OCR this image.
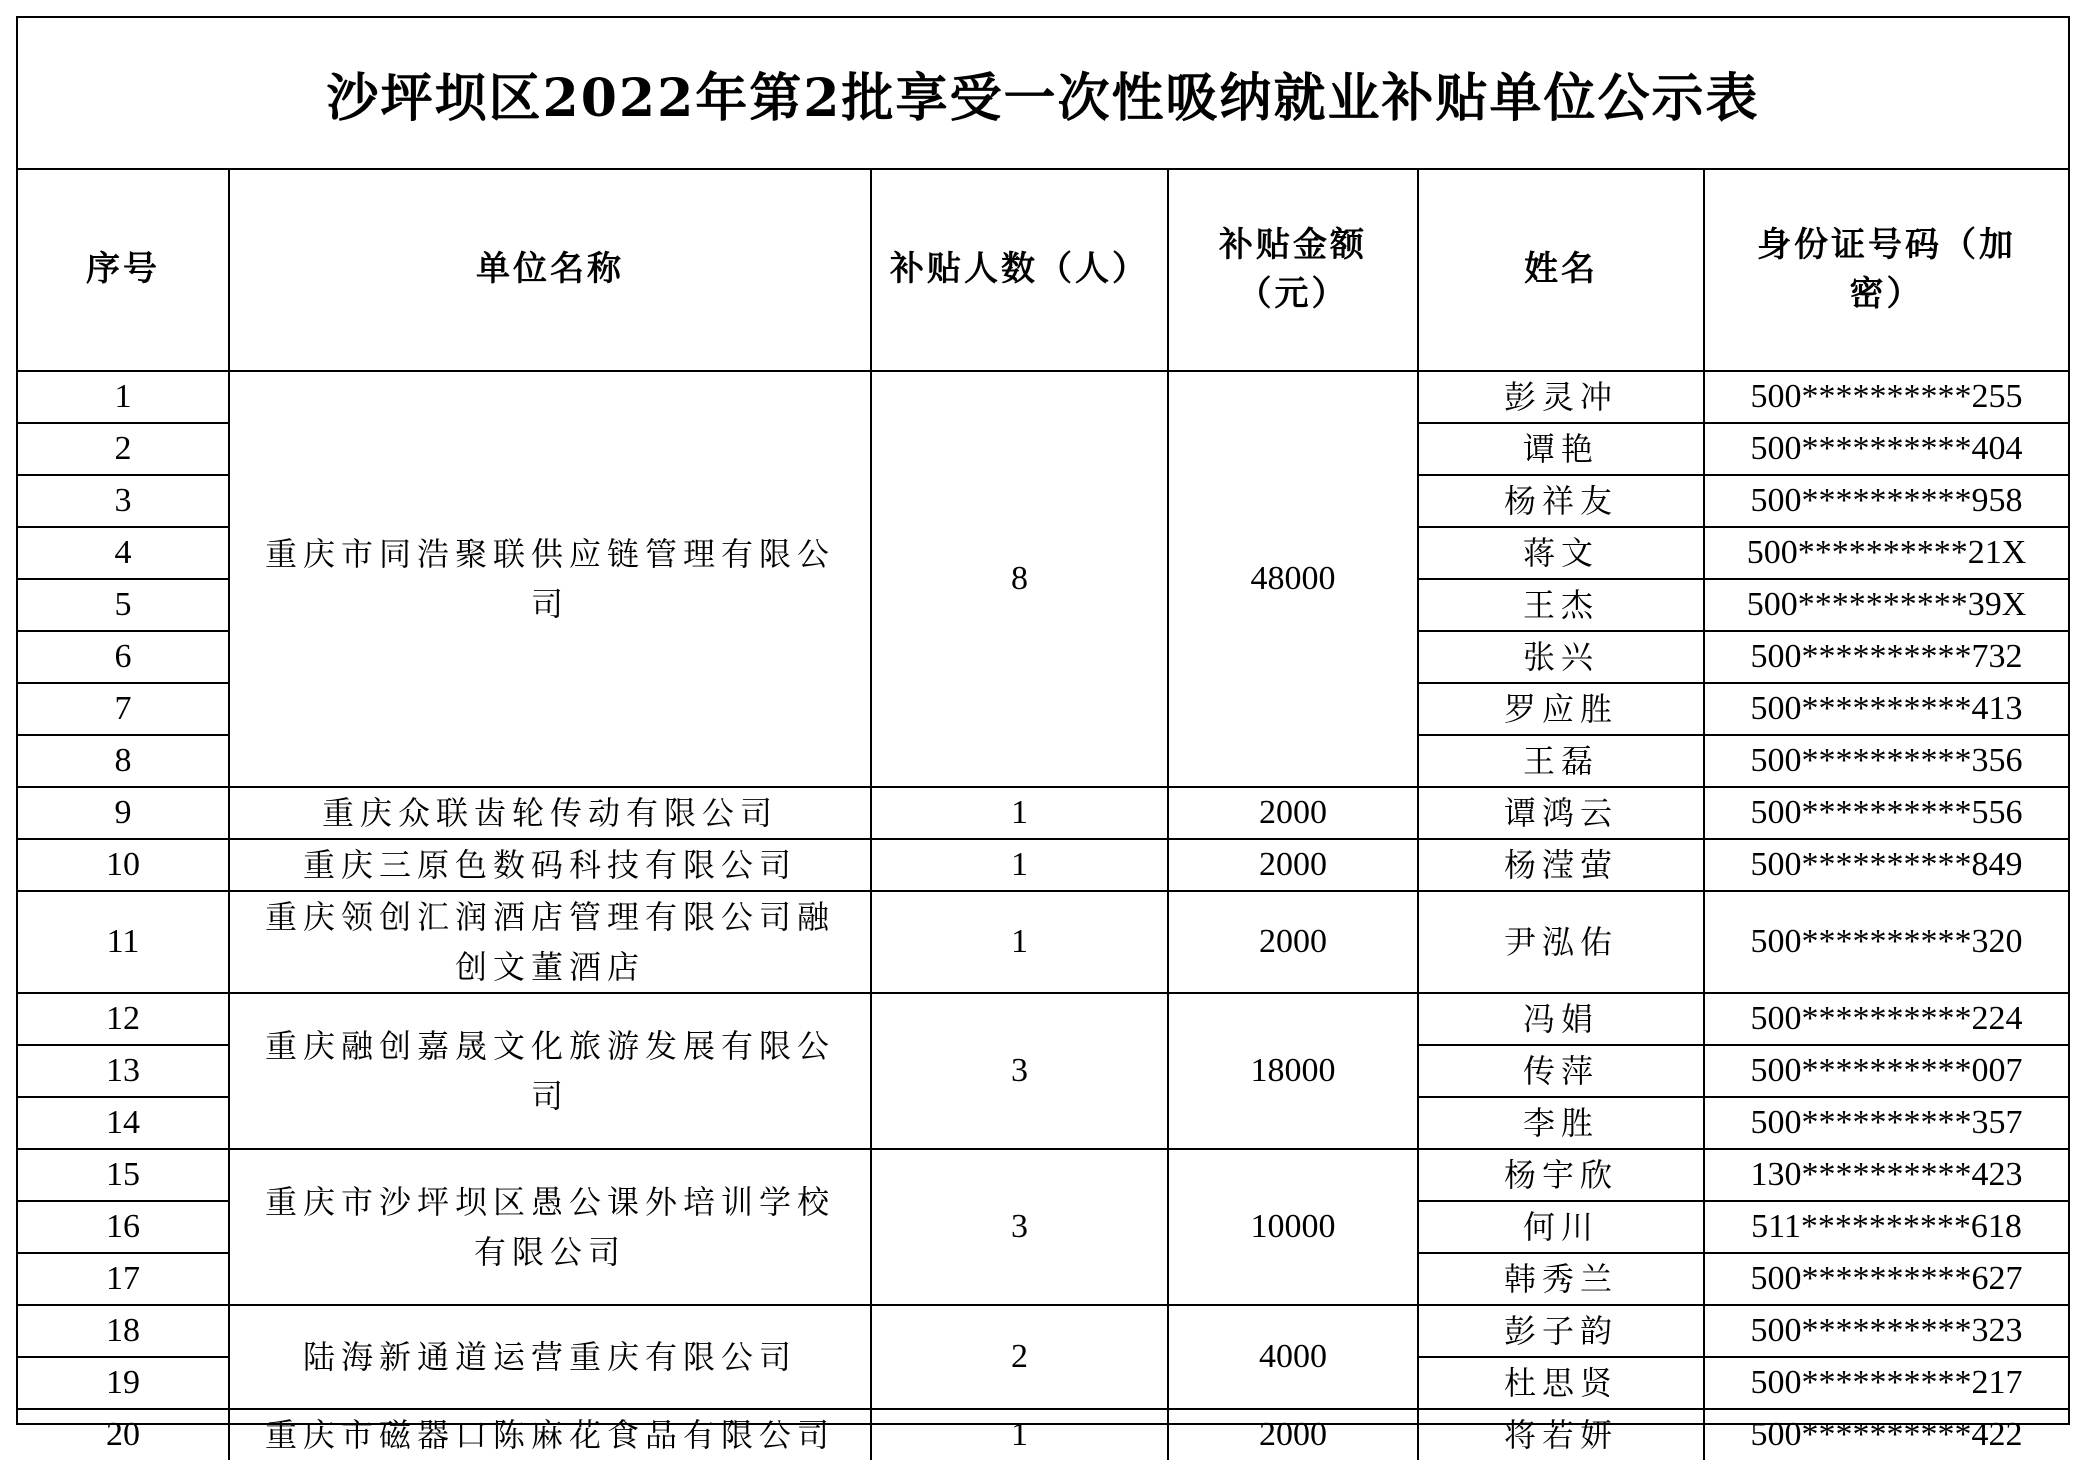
沙坪坝区2022年第2批享受一次性吸纳就业补贴单位公示表
序号	单位名称	补贴人数（人）	补贴金额（元）	姓名	身份证号码（加密）
1	重庆市同浩聚联供应链管理有限公司	8	48000	彭灵冲	500**********255
2				谭艳	500**********404
3				杨祥友	500**********958
4				蒋文	500**********21X
5				王杰	500**********39X
6				张兴	500**********732
7				罗应胜	500**********413
8				王磊	500**********356
9	重庆众联齿轮传动有限公司	1	2000	谭鸿云	500**********556
10	重庆三原色数码科技有限公司	1	2000	杨滢萤	500**********849
11	重庆领创汇润酒店管理有限公司融创文董酒店	1	2000	尹泓佑	500**********320
12	重庆融创嘉晟文化旅游发展有限公司	3	18000	冯娟	500**********224
13				传萍	500**********007
14				李胜	500**********357
15	重庆市沙坪坝区愚公课外培训学校有限公司	3	10000	杨宇欣	130**********423
16				何川	511**********618
17				韩秀兰	500**********627
18	陆海新通道运营重庆有限公司	2	4000	彭子韵	500**********323
19				杜思贤	500**********217
20	重庆市磁器口陈麻花食品有限公司	1	2000	将若妍	500**********422
